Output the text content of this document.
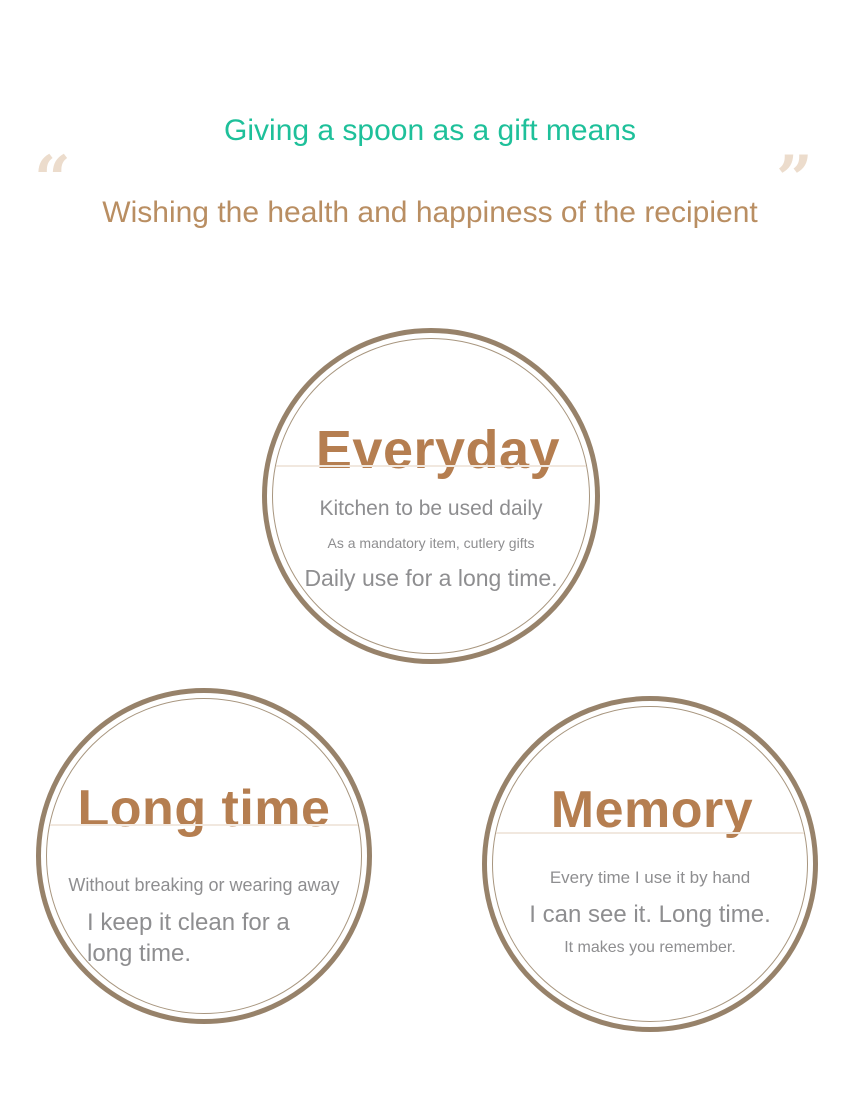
“
Giving a spoon as a gift means
Wishing the health and happiness of the recipient ”
Everyday
Kitchen to be used daily
As a mandatory item, cutlery gifts
Daily use for a long time.
Long time
Without breaking or wearing away
I keep it clean for a long time.
Memory
Every time I use it by hand
I can see it. Long time.
It makes you remember.
